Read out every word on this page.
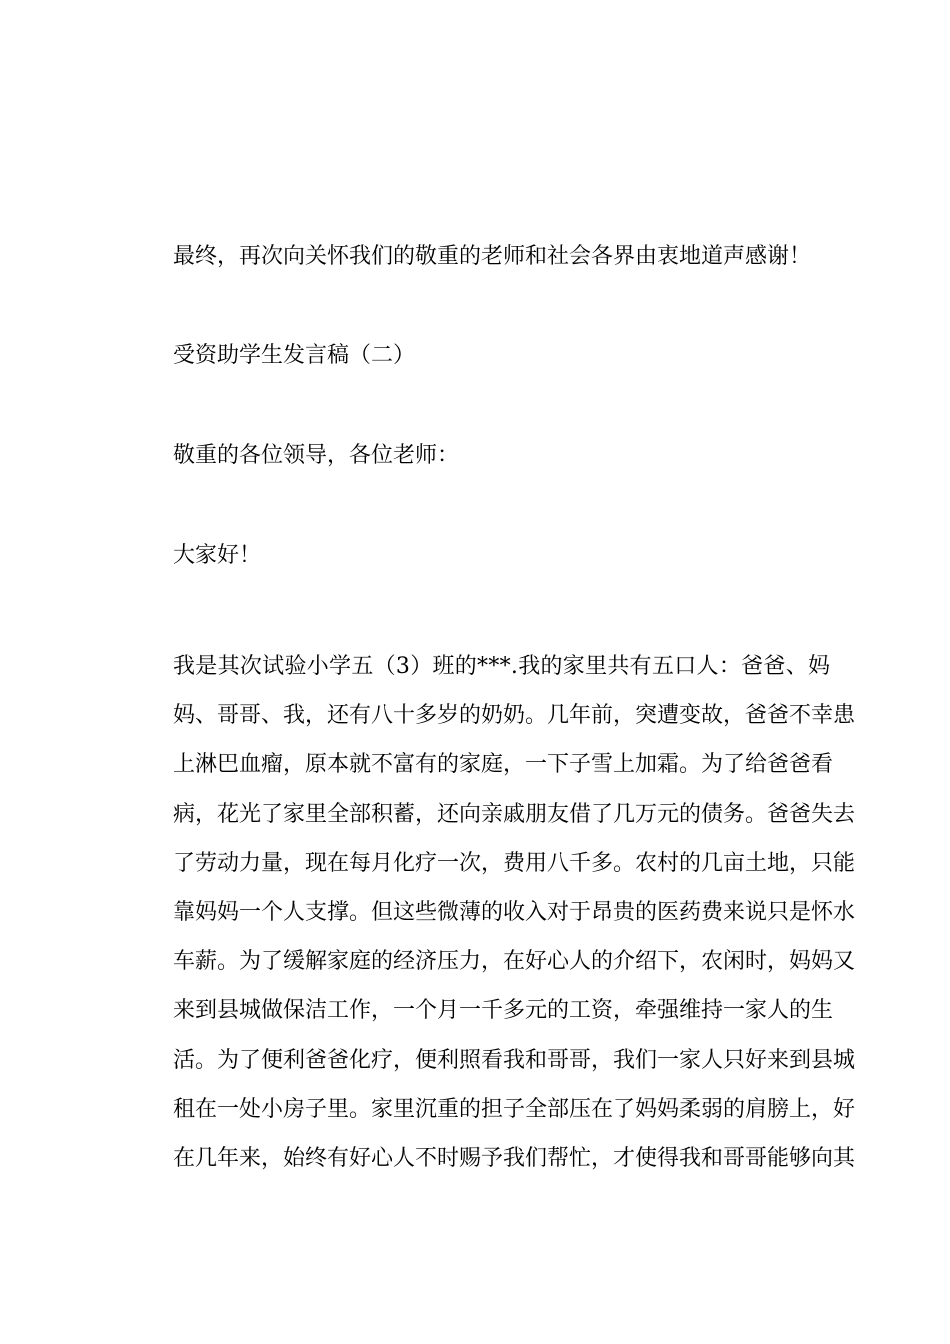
最终，再次向关怀我们的敬重的老师和社会各界由衷地道声感谢！
受资助学生发言稿（二）
敬重的各位领导，各位老师：
大家好！
我是其次试验小学五（3）班的***.我的家里共有五口人：爸爸、妈
妈、哥哥、我，还有八十多岁的奶奶。几年前，突遭变故，爸爸不幸患
上淋巴血瘤，原本就不富有的家庭，一下子雪上加霜。为了给爸爸看
病，花光了家里全部积蓄，还向亲戚朋友借了几万元的债务。爸爸失去
了劳动力量，现在每月化疗一次，费用八千多。农村的几亩土地，只能
靠妈妈一个人支撑。但这些微薄的收入对于昂贵的医药费来说只是怀水
车薪。为了缓解家庭的经济压力，在好心人的介绍下，农闲时，妈妈又
来到县城做保洁工作，一个月一千多元的工资，牵强维持一家人的生
活。为了便利爸爸化疗，便利照看我和哥哥，我们一家人只好来到县城
租在一处小房子里。家里沉重的担子全部压在了妈妈柔弱的肩膀上，好
在几年来，始终有好心人不时赐予我们帮忙，才使得我和哥哥能够向其
